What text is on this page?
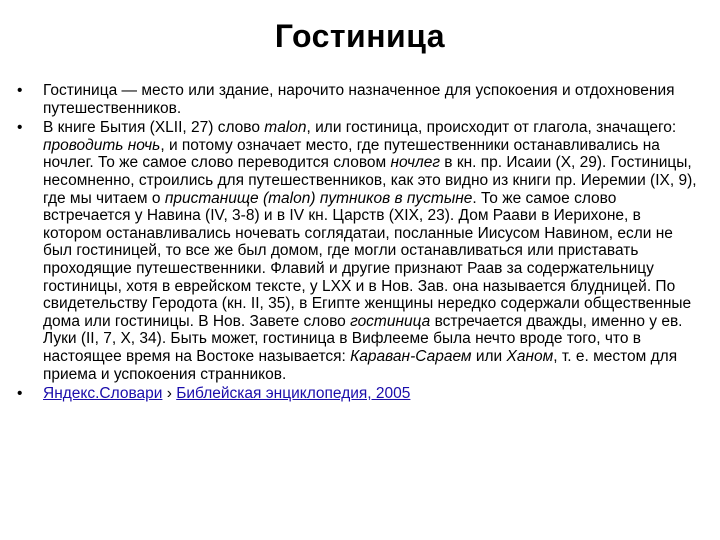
Гостиница
•	Гостиница — место или здание, нарочито назначенное для успокоения и отдохновения путешественников.
•	В книге Бытия (XLII, 27) слово malon, или гостиница, происходит от глагола, значащего: проводить ночь, и потому означает место, где путешественники останавливались на ночлег. То же самое слово переводится словом ночлег в кн. пр. Исаии (X, 29). Гостиницы, несомненно, строились для путешественников, как это видно из книги пр. Иеремии (IX, 9), где мы читаем о пристанище (malon) путников в пустыне. То же самое слово встречается у Навина (IV, 3-8) и в IV кн. Царств (XIX, 23). Дом Раави в Иерихоне, в котором останавливались ночевать соглядатаи, посланные Иисусом Навином, если не был гостиницей, то все же был домом, где могли останавливаться или приставать проходящие путешественники. Флавий и другие признают Раав за содержательницу гостиницы, хотя в еврейском тексте, у LXX и в Нов. Зав. она называется блудницей. По свидетельству Геродота (кн. II, 35), в Египте женщины нередко содержали общественные дома или гостиницы. В Нов. Завете слово гостиница встречается дважды, именно у ев. Луки (II, 7, X, 34). Быть может, гостиница в Вифлееме была нечто вроде того, что в настоящее время на Востоке называется: Караван-Сараем или Ханом, т. е. местом для приема и успокоения странников.
•	Яндекс.Словари › Библейская энциклопедия, 2005
